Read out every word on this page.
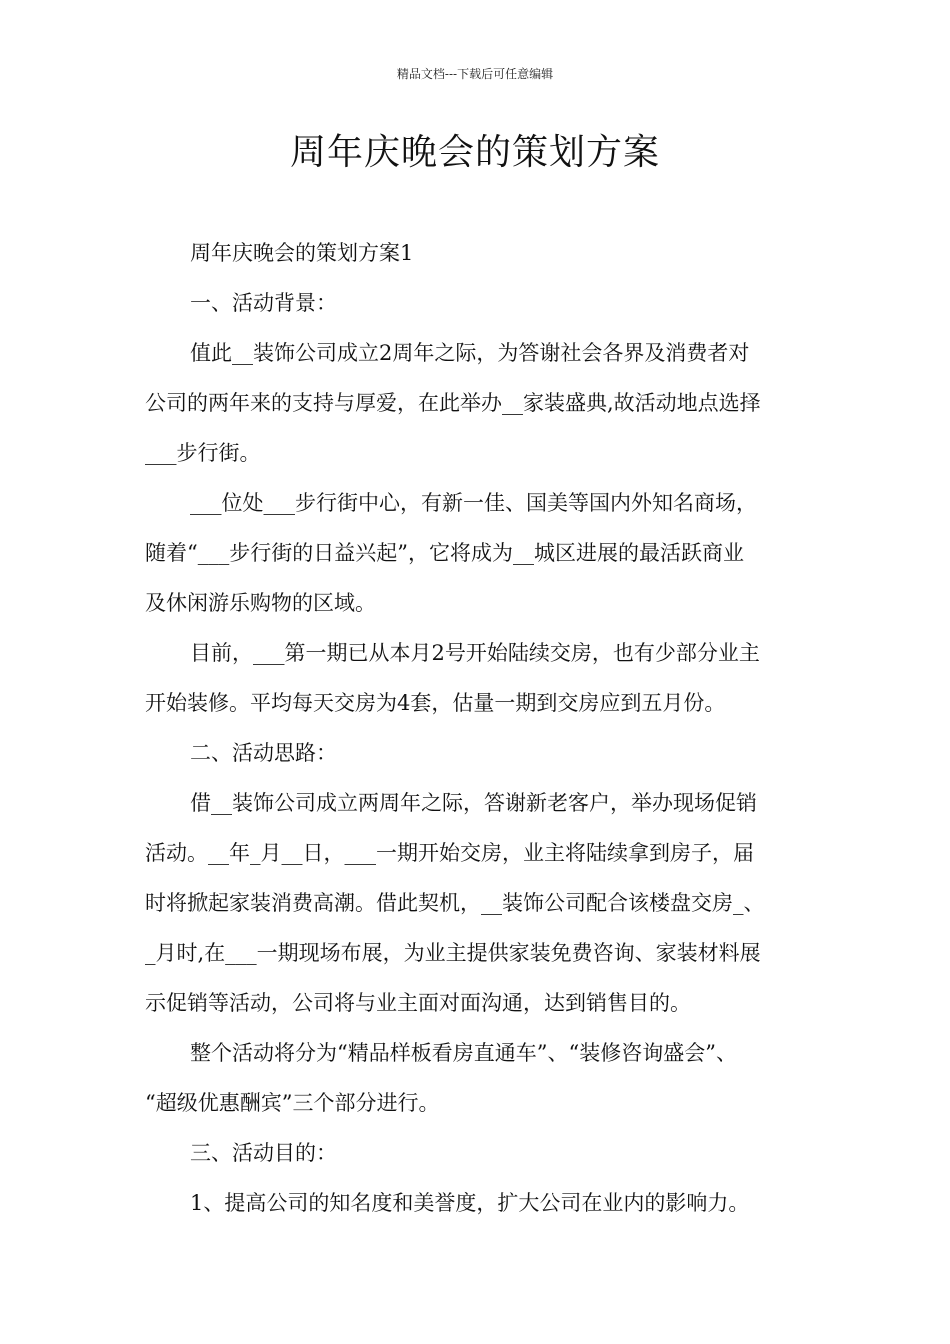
精品文档---下载后可任意编辑
周年庆晚会的策划方案
周年庆晚会的策划方案1
一、活动背景：
值此__装饰公司成立2周年之际，为答谢社会各界及消费者对
公司的两年来的支持与厚爱，在此举办__家装盛典,故活动地点选择
___步行街。
___位处___步行街中心，有新一佳、国美等国内外知名商场，
随着“___步行街的日益兴起”，它将成为__城区进展的最活跃商业
及休闲游乐购物的区域。
目前，___第一期已从本月2号开始陆续交房，也有少部分业主
开始装修。平均每天交房为4套，估量一期到交房应到五月份。
二、活动思路：
借__装饰公司成立两周年之际，答谢新老客户，举办现场促销
活动。__年_月__日，___一期开始交房，业主将陆续拿到房子，届
时将掀起家装消费高潮。借此契机，__装饰公司配合该楼盘交房_、
_月时,在___一期现场布展，为业主提供家装免费咨询、家装材料展
示促销等活动，公司将与业主面对面沟通，达到销售目的。
整个活动将分为“精品样板看房直通车”、“装修咨询盛会”、
“超级优惠酬宾”三个部分进行。
三、活动目的：
1、提高公司的知名度和美誉度，扩大公司在业内的影响力。
